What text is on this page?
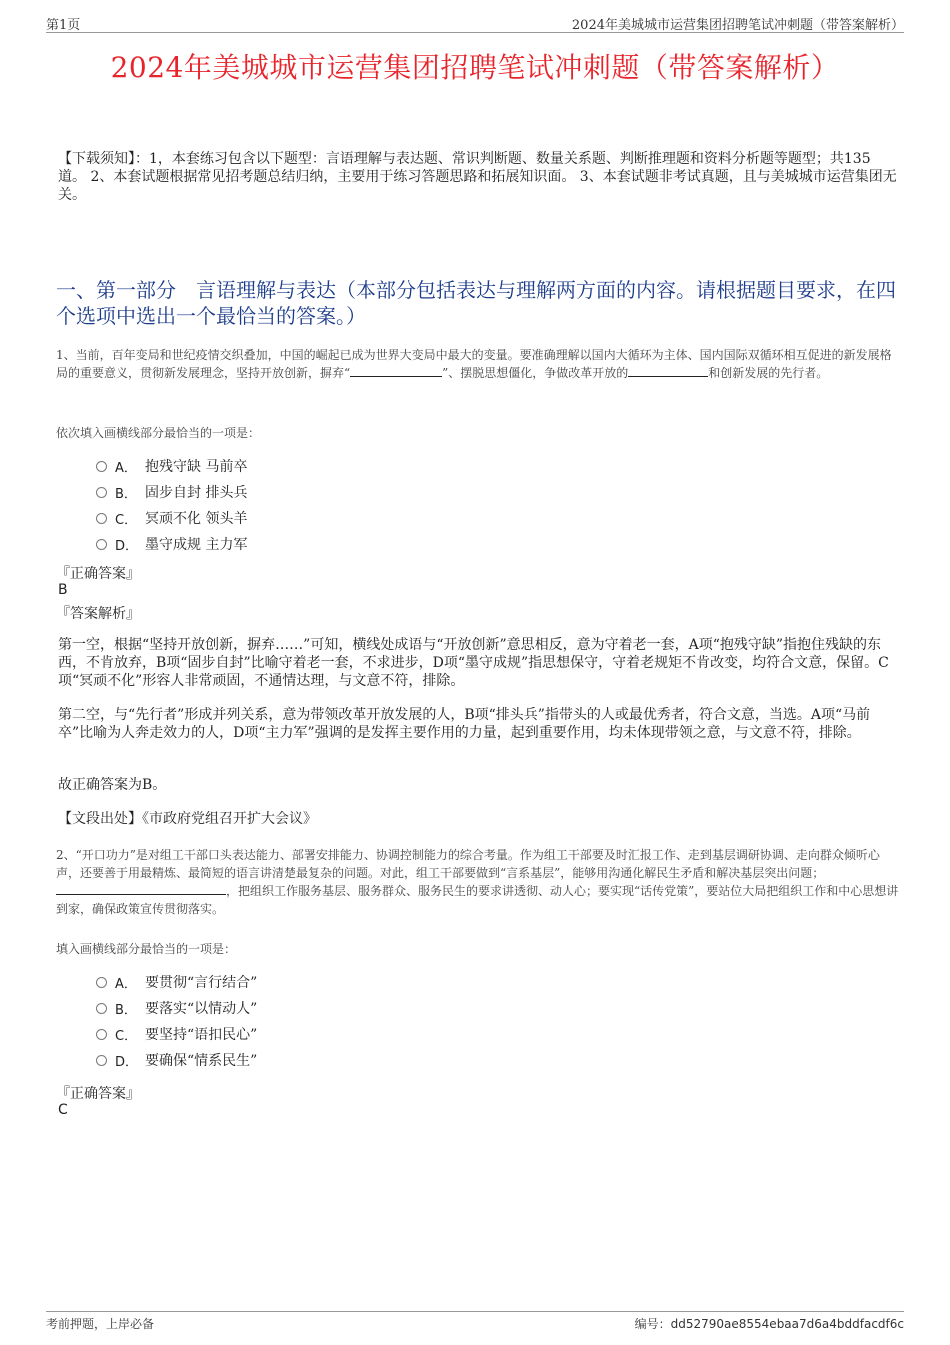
第1页	2024年美城城市运营集团招聘笔试冲刺题（带答案解析）
2024年美城城市运营集团招聘笔试冲刺题（带答案解析）
【下载须知】：1，本套练习包含以下题型：言语理解与表达题、常识判断题、数量关系题、判断推理题和资料分析题等题型；共135道。 2、本套试题根据常见招考题总结归纳，主要用于练习答题思路和拓展知识面。 3、本套试题非考试真题，且与美城城市运营集团无关。
一、第一部分　言语理解与表达（本部分包括表达与理解两方面的内容。请根据题目要求，在四个选项中选出一个最恰当的答案。）
1、当前，百年变局和世纪疫情交织叠加，中国的崛起已成为世界大变局中最大的变量。要准确理解以国内大循环为主体、国内国际双循环相互促进的新发展格局的重要意义，贯彻新发展理念，坚持开放创新，摒弃“	”、摆脱思想僵化，争做改革开放的	和创新发展的先行者。
依次填入画横线部分最恰当的一项是：
A． 抱残守缺 马前卒
B． 固步自封 排头兵
C． 冥顽不化 领头羊
D． 墨守成规 主力军
『正确答案』
B
『答案解析』
第一空，根据“坚持开放创新，摒弃……”可知，横线处成语与“开放创新”意思相反，意为守着老一套，A项“抱残守缺”指抱住残缺的东西，不肯放弃，B项“固步自封”比喻守着老一套，不求进步，D项“墨守成规”指思想保守，守着老规矩不肯改变，均符合文意，保留。C项“冥顽不化”形容人非常顽固，不通情达理，与文意不符，排除。
第二空，与“先行者”形成并列关系，意为带领改革开放发展的人，B项“排头兵”指带头的人或最优秀者，符合文意，当选。A项“马前卒”比喻为人奔走效力的人，D项“主力军”强调的是发挥主要作用的力量，起到重要作用，均未体现带领之意，与文意不符，排除。
故正确答案为B。
【文段出处】《市政府党组召开扩大会议》
2、“开口功力”是对组工干部口头表达能力、部署安排能力、协调控制能力的综合考量。作为组工干部要及时汇报工作、走到基层调研协调、走向群众倾听心声，还要善于用最精炼、最简短的语言讲清楚最复杂的问题。对此，组工干部要做到“言系基层”，能够用沟通化解民生矛盾和解决基层突出问题；，把组织工作服务基层、服务群众、服务民生的要求讲透彻、动人心；要实现“话传党策”，要站位大局把组织工作和中心思想讲到家，确保政策宣传贯彻落实。
填入画横线部分最恰当的一项是：
A． 要贯彻“言行结合”
B． 要落实“以情动人”
C． 要坚持“语扣民心”
D． 要确保“情系民生”
『正确答案』
C
考前押题，上岸必备	编号：dd52790ae8554ebaa7d6a4bddfacdf6c
